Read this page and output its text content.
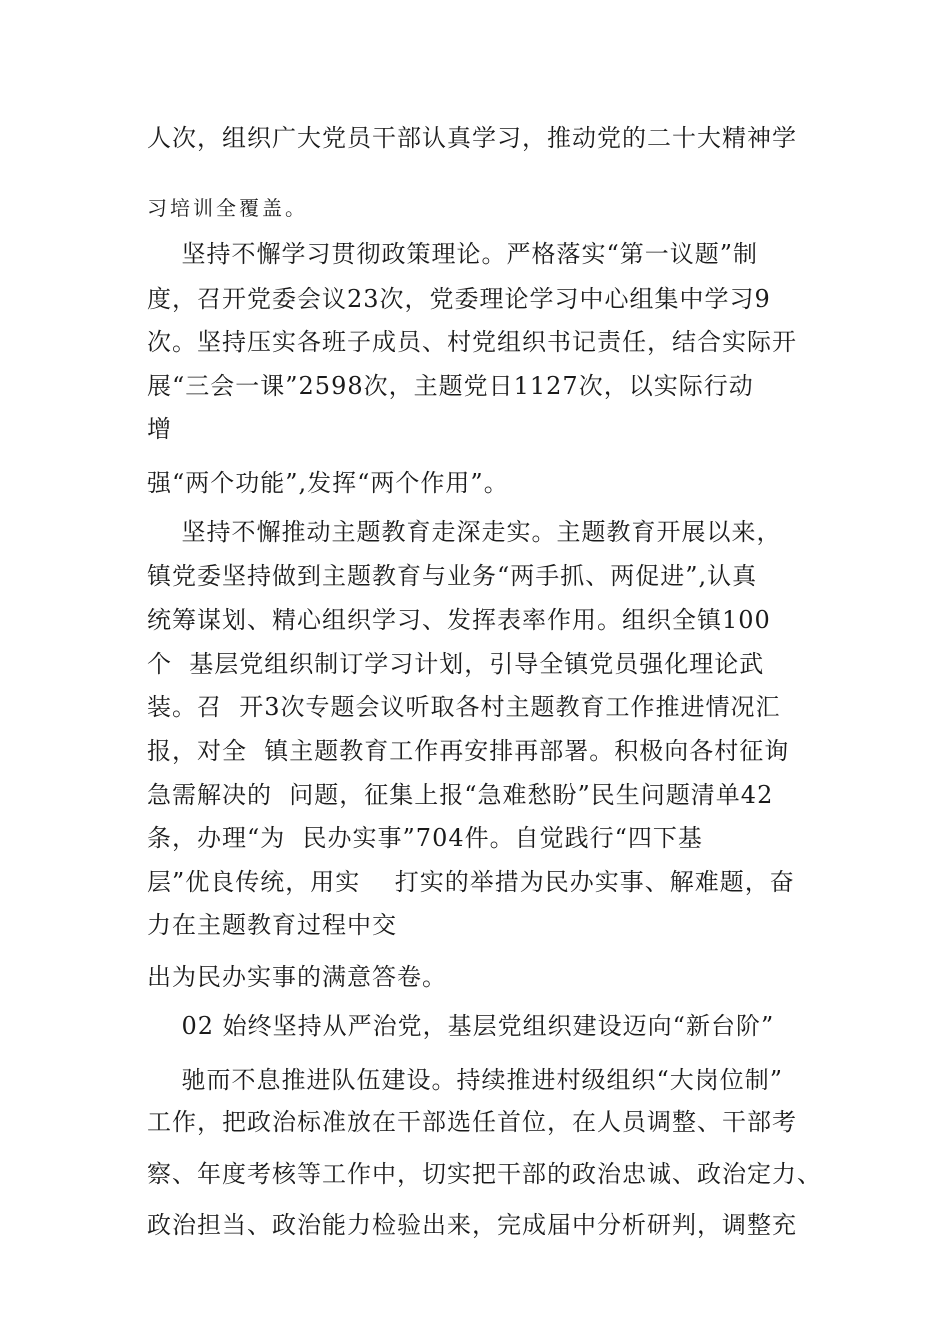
人次，组织广大党员干部认真学习，推动党的二十大精神学
习培训全覆盖。
坚持不懈学习贯彻政策理论。严格落实“第一议题”制
度，召开党委会议23次，党委理论学习中心组集中学习9
次。坚持压实各班子成员、村党组织书记责任，结合实际开
展“三会一课”2598次，主题党日1127次，以实际行动
增
强“两个功能”,发挥“两个作用”。
坚持不懈推动主题教育走深走实。主题教育开展以来，
镇党委坚持做到主题教育与业务“两手抓、两促进”,认真
统筹谋划、精心组织学习、发挥表率作用。组织全镇100
个  基层党组织制订学习计划，引导全镇党员强化理论武
装。召  开3次专题会议听取各村主题教育工作推进情况汇
报，对全  镇主题教育工作再安排再部署。积极向各村征询
急需解决的  问题，征集上报“急难愁盼”民生问题清单42
条，办理“为  民办实事”704件。自觉践行“四下基
层”优良传统，用实    打实的举措为民办实事、解难题，奋
力在主题教育过程中交
出为民办实事的满意答卷。
02 始终坚持从严治党，基层党组织建设迈向“新台阶”
驰而不息推进队伍建设。持续推进村级组织“大岗位制”
工作，把政治标准放在干部选任首位，在人员调整、干部考
察、年度考核等工作中，切实把干部的政治忠诚、政治定力、
政治担当、政治能力检验出来，完成届中分析研判，调整充
